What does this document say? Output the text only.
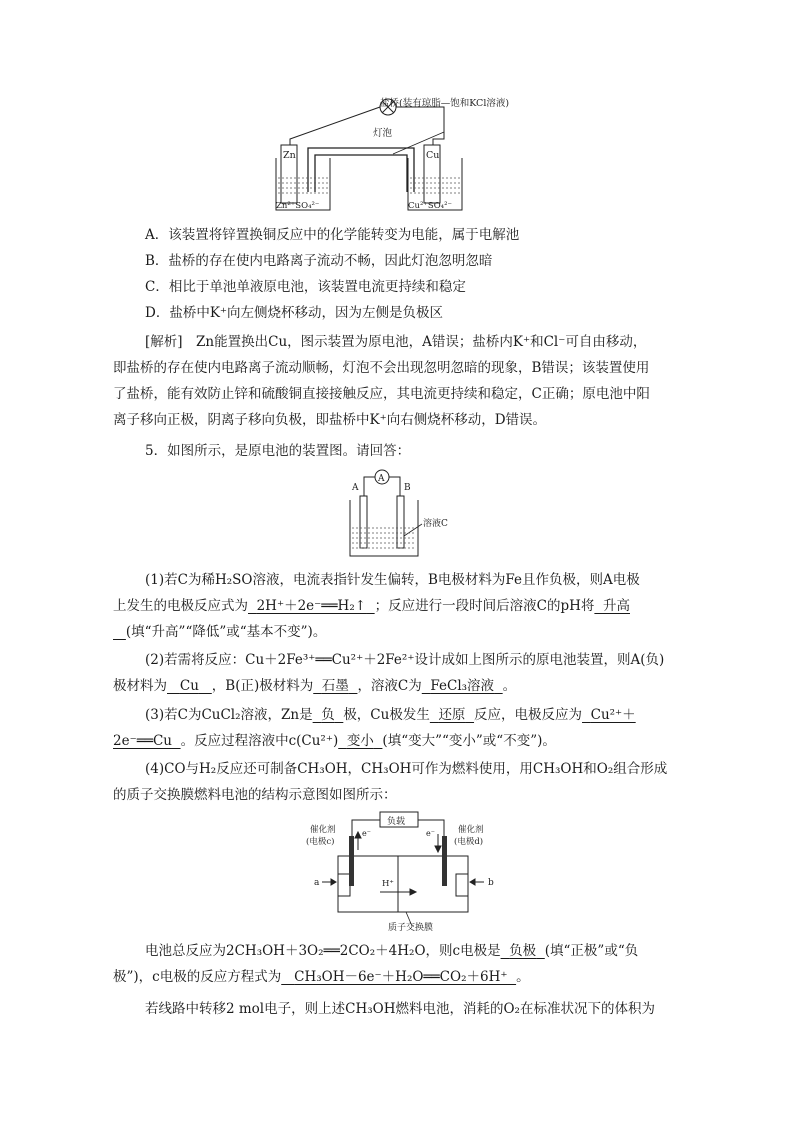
盐桥(装有琼脂—饱和KCl溶液)
灯泡
Zn	Cu
Zn²⁺SO₄²⁻	Cu²⁺SO₄²⁻
A．该装置将锌置换铜反应中的化学能转变为电能，属于电解池
B．盐桥的存在使内电路离子流动不畅，因此灯泡忽明忽暗
C．相比于单池单液原电池，该装置电流更持续和稳定
D．盐桥中K⁺向左侧烧杯移动，因为左侧是负极区
[解析]　Zn能置换出Cu，图示装置为原电池，A错误；盐桥内K⁺和Cl⁻可自由移动，
即盐桥的存在使内电路离子流动顺畅，灯泡不会出现忽明忽暗的现象，B错误；该装置使用
了盐桥，能有效防止锌和硫酸铜直接接触反应，其电流更持续和稳定，C正确；原电池中阳
离子移向正极，阴离子移向负极，即盐桥中K⁺向右侧烧杯移动，D错误。
5．如图所示，是原电池的装置图。请回答：
A
A	B
溶液C
(1)若C为稀H₂SO溶液，电流表指针发生偏转，B电极材料为Fe且作负极，则A电极
上发生的电极反应式为 2H⁺＋2e⁻══H₂↑ ；反应进行一段时间后溶液C的pH将 升高
(填“升高”“降低”或“基本不变”)。
(2)若需将反应：Cu＋2Fe³⁺══Cu²⁺＋2Fe²⁺设计成如上图所示的原电池装置，则A(负)
极材料为 Cu ，B(正)极材料为 石墨 ，溶液C为 FeCl₃溶液 。
(3)若C为CuCl₂溶液，Zn是 负 极，Cu极发生 还原 反应，电极反应为 Cu²⁺＋
2e⁻══Cu 。反应过程溶液中c(Cu²⁺) 变小 (填“变大”“变小”或“不变”)。
(4)CO与H₂反应还可制备CH₃OH，CH₃OH可作为燃料使用，用CH₃OH和O₂组合形成
的质子交换膜燃料电池的结构示意图如图所示：
负载
催化剂
(电极c)
催化剂
(电极d)
e⁻	e⁻
a	b
H⁺
质子交换膜
电池总反应为2CH₃OH＋3O₂══2CO₂＋4H₂O，则c电极是 负极 (填“正极”或“负
极”)，c电极的反应方程式为 CH₃OH－6e⁻＋H₂O══CO₂＋6H⁺ 。
若线路中转移2 mol电子，则上述CH₃OH燃料电池，消耗的O₂在标准状况下的体积为
